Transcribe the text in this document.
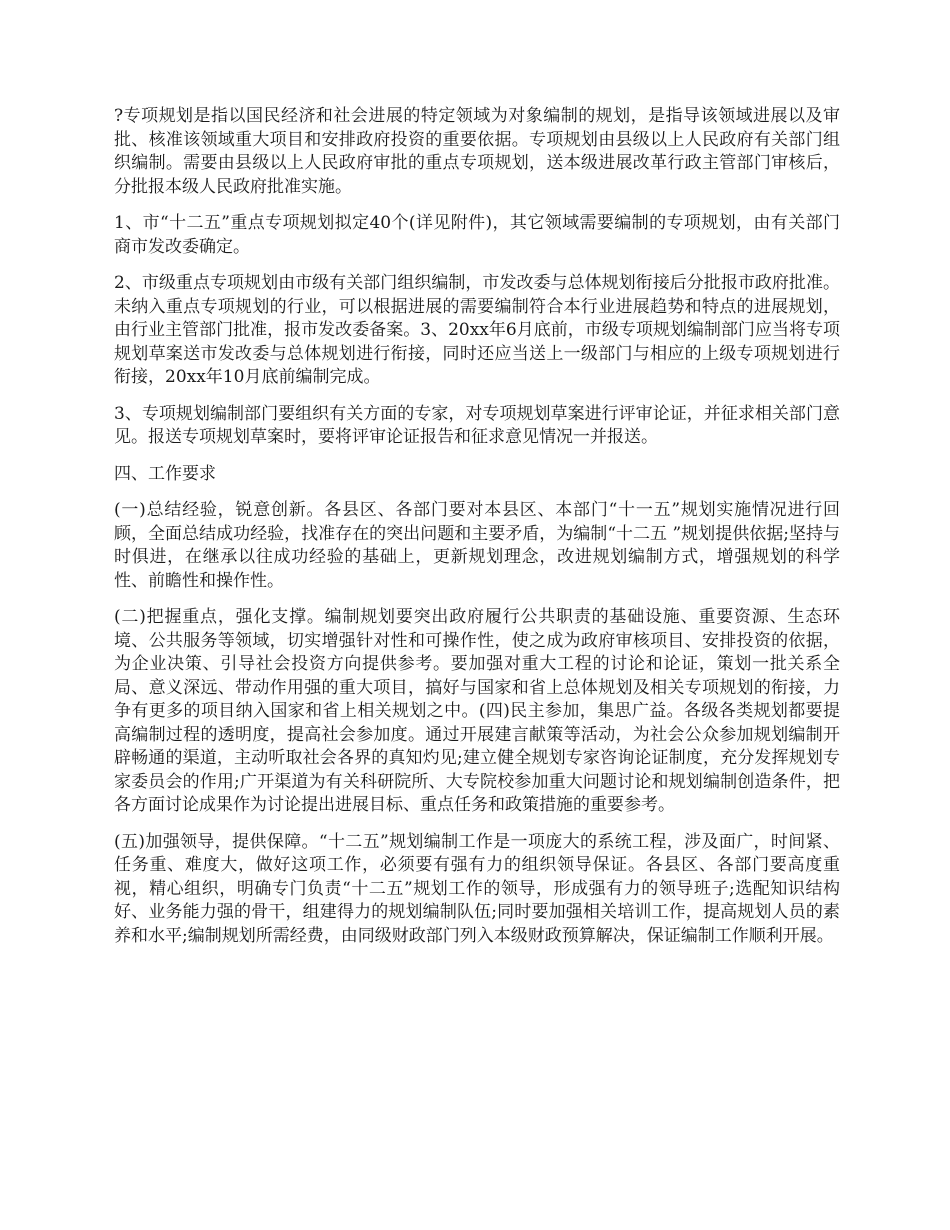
?专项规划是指以国民经济和社会进展的特定领域为对象编制的规划，是指导该领域进展以及审批、核准该领域重大项目和安排政府投资的重要依据。专项规划由县级以上人民政府有关部门组织编制。需要由县级以上人民政府审批的重点专项规划，送本级进展改革行政主管部门审核后，分批报本级人民政府批准实施。

1、市“十二五”重点专项规划拟定40个(详见附件)，其它领域需要编制的专项规划，由有关部门商市发改委确定。

2、市级重点专项规划由市级有关部门组织编制，市发改委与总体规划衔接后分批报市政府批准。未纳入重点专项规划的行业，可以根据进展的需要编制符合本行业进展趋势和特点的进展规划，由行业主管部门批准，报市发改委备案。3、20xx年6月底前，市级专项规划编制部门应当将专项规划草案送市发改委与总体规划进行衔接，同时还应当送上一级部门与相应的上级专项规划进行衔接，20xx年10月底前编制完成。

3、专项规划编制部门要组织有关方面的专家，对专项规划草案进行评审论证，并征求相关部门意见。报送专项规划草案时，要将评审论证报告和征求意见情况一并报送。

四、工作要求

(一)总结经验，锐意创新。各县区、各部门要对本县区、本部门“十一五”规划实施情况进行回顾，全面总结成功经验，找准存在的突出问题和主要矛盾，为编制“十二五 ”规划提供依据;坚持与时俱进，在继承以往成功经验的基础上，更新规划理念，改进规划编制方式，增强规划的科学性、前瞻性和操作性。

(二)把握重点，强化支撑。编制规划要突出政府履行公共职责的基础设施、重要资源、生态环境、公共服务等领域，切实增强针对性和可操作性，使之成为政府审核项目、安排投资的依据，为企业决策、引导社会投资方向提供参考。要加强对重大工程的讨论和论证，策划一批关系全局、意义深远、带动作用强的重大项目，搞好与国家和省上总体规划及相关专项规划的衔接，力争有更多的项目纳入国家和省上相关规划之中。(四)民主参加，集思广益。各级各类规划都要提高编制过程的透明度，提高社会参加度。通过开展建言献策等活动，为社会公众参加规划编制开辟畅通的渠道，主动听取社会各界的真知灼见;建立健全规划专家咨询论证制度，充分发挥规划专家委员会的作用;广开渠道为有关科研院所、大专院校参加重大问题讨论和规划编制创造条件，把各方面讨论成果作为讨论提出进展目标、重点任务和政策措施的重要参考。

(五)加强领导，提供保障。“十二五”规划编制工作是一项庞大的系统工程，涉及面广，时间紧、任务重、难度大，做好这项工作，必须要有强有力的组织领导保证。各县区、各部门要高度重视，精心组织，明确专门负责“十二五”规划工作的领导，形成强有力的领导班子;选配知识结构好、业务能力强的骨干，组建得力的规划编制队伍;同时要加强相关培训工作，提高规划人员的素养和水平;编制规划所需经费，由同级财政部门列入本级财政预算解决，保证编制工作顺利开展。
